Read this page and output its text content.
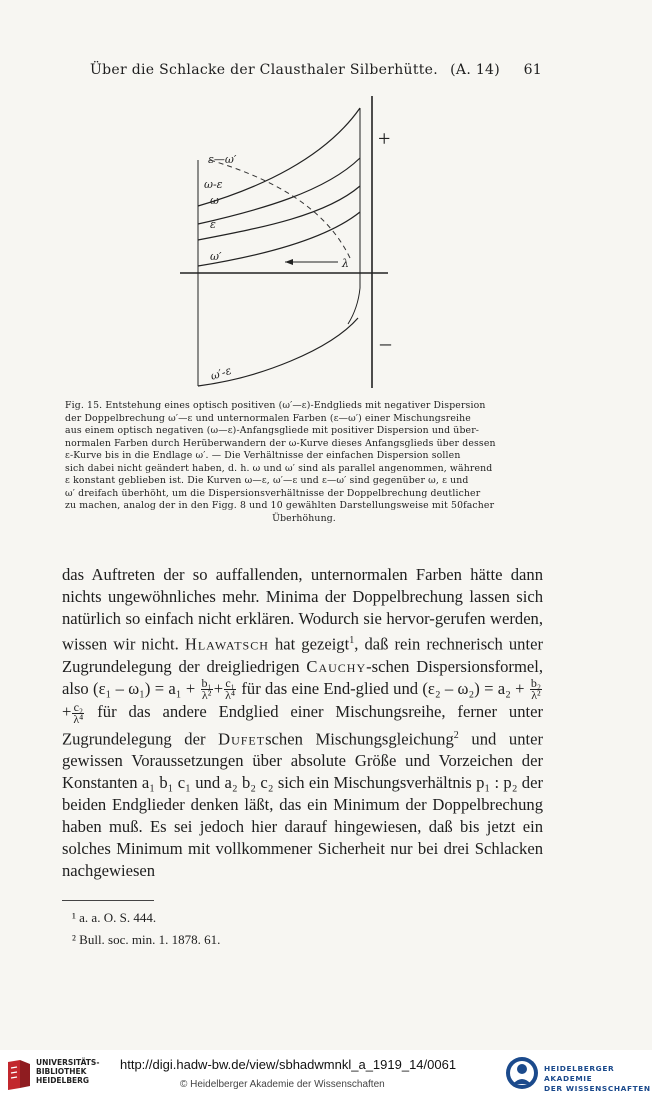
Über die Schlacke der Clausthaler Silberhütte. (A. 14) 61
ε—ω′
ω-ε
ω
ε
ω′
λ
ω′-ε
+
–

Fig. 15. Entstehung eines optisch positiven (ω′—ε)-Endglieds mit negativer Dispersion

der Doppelbrechung ω′—ε und unternormalen Farben (ε—ω′) einer Mischungsreihe

aus einem optisch negativen (ω—ε)-Anfangsgliede mit positiver Dispersion und über-

normalen Farben durch Herüberwandern der ω-Kurve dieses Anfangsglieds über dessen

ε-Kurve bis in die Endlage ω′. — Die Verhältnisse der einfachen Dispersion sollen

sich dabei nicht geändert haben, d. h. ω und ω′ sind als parallel angenommen, während

ε konstant geblieben ist. Die Kurven ω—ε, ω′—ε und ε—ω′ sind gegenüber ω, ε und

ω′ dreifach überhöht, um die Dispersionsverhältnisse der Doppelbrechung deutlicher

zu machen, analog der in den Figg. 8 und 10 gewählten Darstellungsweise mit 50facher

Überhöhung.

das Auftreten der so auffallenden, unternormalen Farben hätte dann nichts ungewöhnliches mehr. Minima der Doppelbrechung lassen sich natürlich so einfach nicht erklären. Wodurch sie hervor-gerufen werden, wissen wir nicht. Hlawatsch hat gezeigt$^1$, daß rein rechnerisch unter Zugrundelegung der dreigliedrigen Cauchy-schen Dispersionsformel, also $(\varepsilon_1 - \omega_1) = a_1 + \frac{\text{b₁}}{\text{λ²}} + \frac{\text{c₁}}{\text{λ⁴}}$ für das eine End-glied und $(\varepsilon_2 - \omega_2) = a_2 + \frac{\text{b₂}}{\text{λ²}}$
+ $\frac{\text{c₂}}{\text{λ⁴}}$ für das andere Endglied einer Mischungsreihe, ferner unter Zugrundelegung der Dufetschen Mischungsgleichung$^2$ und unter gewissen Voraussetzungen über absolute Größe und Vorzeichen der Konstanten a₁ b₁ c₁ und a₂ b₂ c₂ sich ein Mischungsverhältnis p₁ : p₂ der beiden Endglieder denken läßt, das ein Minimum der Doppelbrechung haben muß. Es sei jedoch hier darauf hingewiesen, daß bis jetzt ein solches Minimum mit vollkommener Sicherheit nur bei drei Schlacken nachgewiesen

¹ a. a. O. S. 444.

² Bull. soc. min. 1. 1878. 61.

UNIVERSITÄTS-
BIBLIOTHEK
HEIDELBERG
http://digi.hadw-bw.de/view/sbhadwmnkl_a_1919_14/0061
© Heidelberger Akademie der Wissenschaften
HEIDELBERGER AKADEMIE
DER WISSENSCHAFTEN
